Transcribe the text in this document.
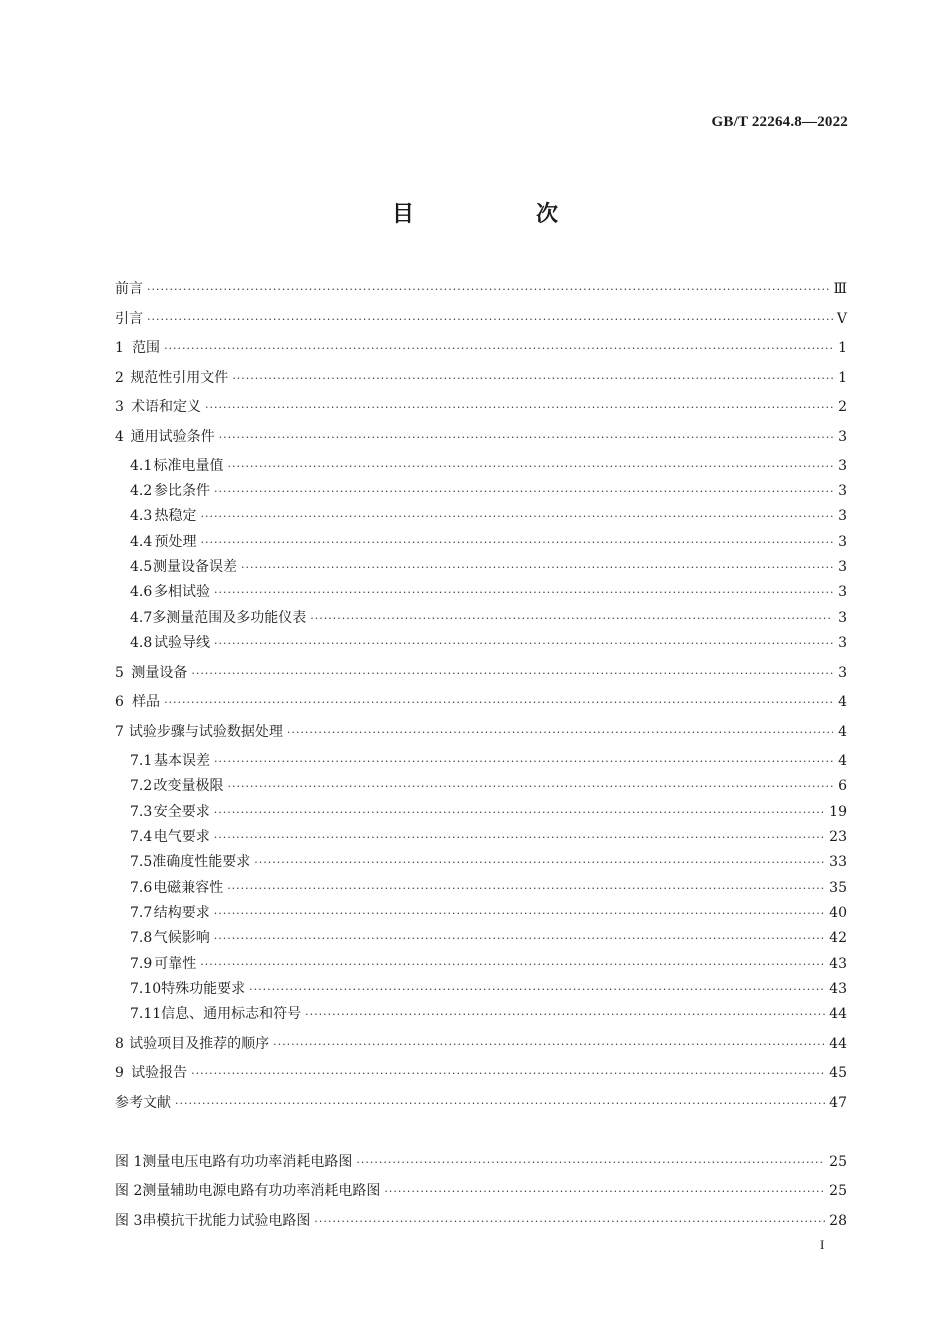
GB/T 22264.8—2022
目　次
前言 ·····	Ⅲ
引言 ·····	Ⅴ
1 范围 ·····	1
2 规范性引用文件 ·····	1
3 术语和定义 ·····	2
4 通用试验条件 ·····	3
4.1 标准电量值 ·····	3
4.2 参比条件 ·····	3
4.3 热稳定 ·····	3
4.4 预处理 ·····	3
4.5 测量设备误差 ·····	3
4.6 多相试验 ·····	3
4.7 多测量范围及多功能仪表 ·····	3
4.8 试验导线 ·····	3
5 测量设备 ·····	3
6 样品 ·····	4
7 试验步骤与试验数据处理 ·····	4
7.1 基本误差 ·····	4
7.2 改变量极限 ·····	6
7.3 安全要求 ·····	19
7.4 电气要求 ·····	23
7.5 准确度性能要求 ·····	33
7.6 电磁兼容性 ·····	35
7.7 结构要求 ·····	40
7.8 气候影响 ·····	42
7.9 可靠性 ·····	43
7.10 特殊功能要求 ·····	43
7.11 信息、通用标志和符号 ·····	44
8 试验项目及推荐的顺序 ·····	44
9 试验报告 ·····	45
参考文献 ·····	47
图 1 测量电压电路有功功率消耗电路图 ·····	25
图 2 测量辅助电源电路有功功率消耗电路图 ·····	25
图 3 串模抗干扰能力试验电路图 ·····	28
I
